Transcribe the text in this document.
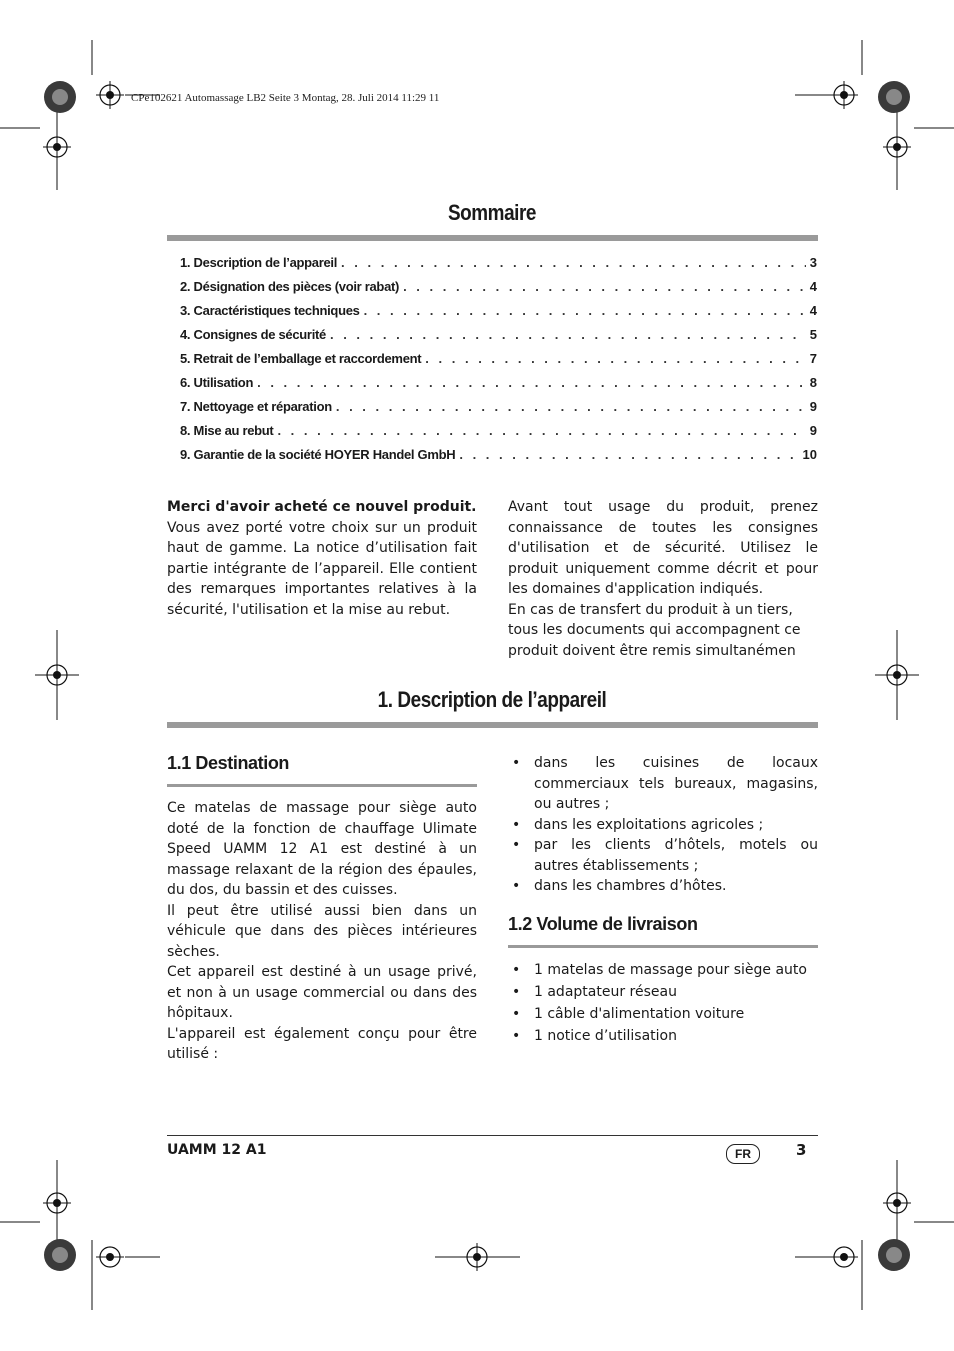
CPe102621 Automassage LB2 Seite 3 Montag, 28. Juli 2014 11:29 11
Sommaire
1. Description de l’appareil . . .	3
2. Désignation des pièces (voir rabat) . . .	4
3. Caractéristiques techniques . . .	4
4. Consignes de sécurité . . .	5
5. Retrait de l’emballage et raccordement . . .	7
6. Utilisation . . .	8
7. Nettoyage et réparation . . .	9
8. Mise au rebut . . .	9
9. Garantie de la société HOYER Handel GmbH . . .	10

Merci d'avoir acheté ce nouvel produit.

Vous avez porté votre choix sur un produit haut de gamme. La notice d’utilisation fait partie intégrante de l’appareil. Elle contient des remarques importantes relatives à la sécurité, l'utilisation et la mise au rebut.

Avant tout usage du produit, prenez connaissance de toutes les consignes d'utilisation et de sécurité. Utilisez le produit uniquement comme décrit et pour les domaines d'application indiqués.

En cas de transfert du produit à un tiers, tous les documents qui accompagnent ce produit doivent être remis simultanémen

1. Description de l’appareil
1.1 Destination

Ce matelas de massage pour siège auto doté de la fonction de chauffage Ulimate Speed UAMM 12 A1 est destiné à un massage relaxant de la région des épaules, du dos, du bassin et des cuisses.

Il peut être utilisé aussi bien dans un véhicule que dans des pièces intérieures sèches.

Cet appareil est destiné à un usage privé, et non à un usage commercial ou dans des hôpitaux.

L'appareil est également conçu pour être utilisé :

• dans les cuisines de locaux commerciaux tels bureaux, magasins, ou autres ;
• dans les exploitations agricoles ;
• par les clients d’hôtels, motels ou autres établissements ;
• dans les chambres d’hôtes.
1.2 Volume de livraison
• 1 matelas de massage pour siège auto
• 1 adaptateur réseau
• 1 câble d'alimentation voiture
• 1 notice d’utilisation
UAMM 12 A1	FR	3
